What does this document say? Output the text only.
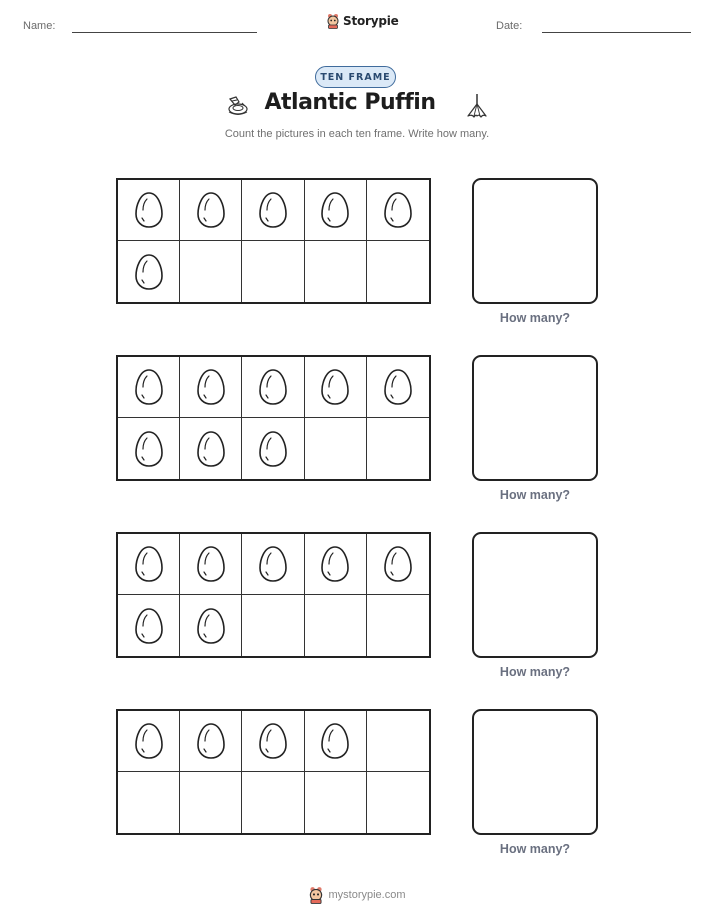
Name:	Storypie	Date:
TEN FRAME
Atlantic Puffin
Count the pictures in each ten frame. Write how many.
How many?
How many?
How many?
How many?
mystorypie.com
